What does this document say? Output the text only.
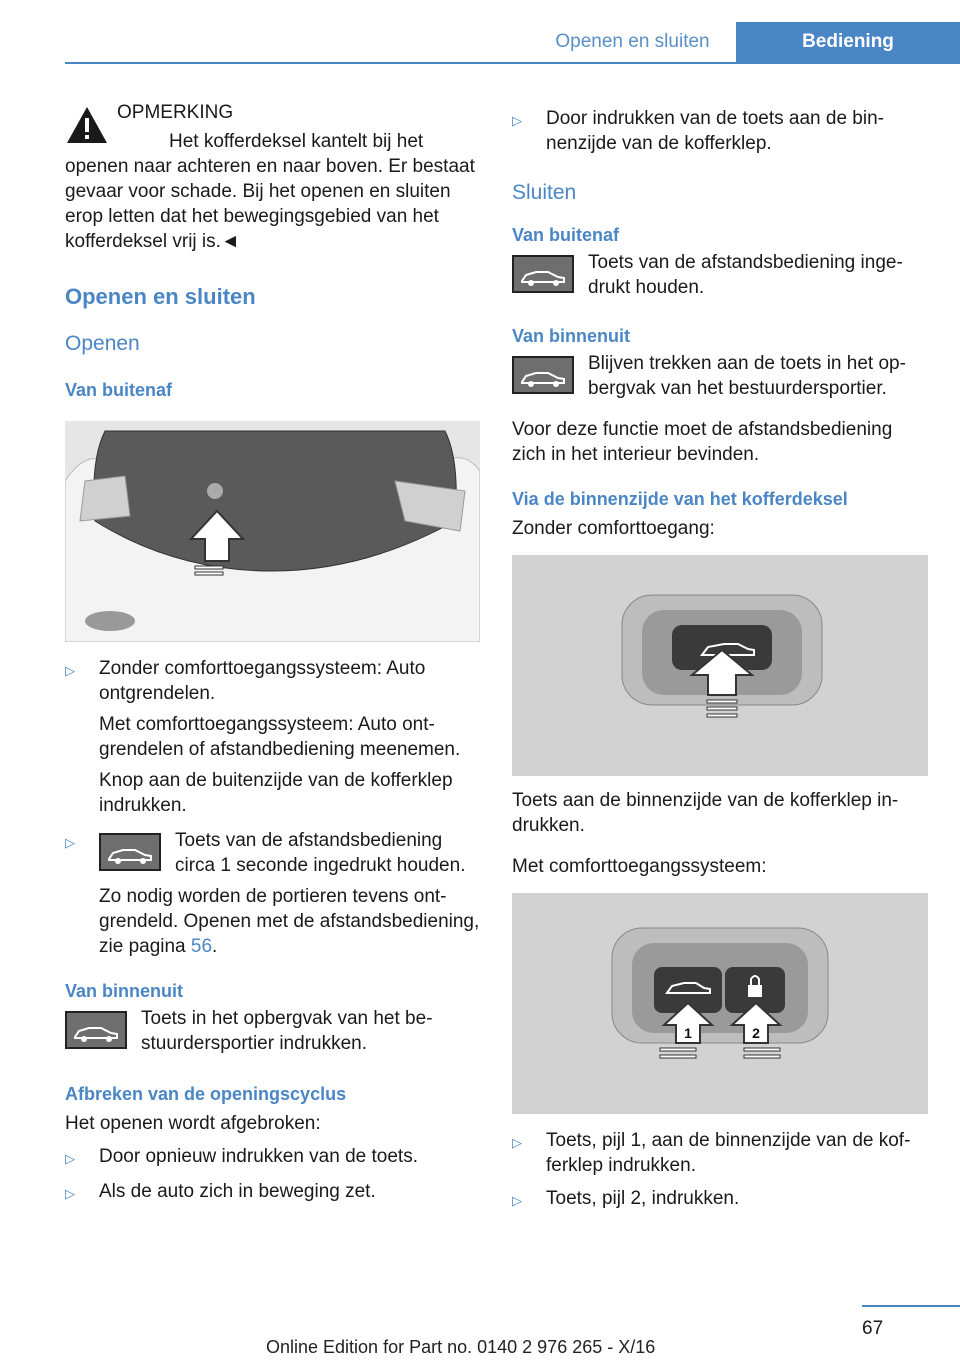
Openen en sluiten	Bediening

OPMERKING

Het kofferdeksel kantelt bij het openen naar achteren en naar boven. Er bestaat gevaar voor schade. Bij het openen en sluiten erop letten dat het bewegingsgebied van het kofferdeksel vrij is.◄

Openen en sluiten

Openen

Van buitenaf

▷	Zonder comforttoegangssysteem: Auto ontgrendelen.

Met comforttoegangssysteem: Auto ontgrendelen of afstandbediening meenemen.

Knop aan de buitenzijde van de kofferklep indrukken.

▷	Toets van de afstandsbediening circa 1 seconde ingedrukt houden.

Zo nodig worden de portieren tevens ontgrendeld. Openen met de afstandsbediening, zie pagina 56.

Van binnenuit

Toets in het opbergvak van het bestuurdersportier indrukken.

Afbreken van de openingscyclus

Het openen wordt afgebroken:

▷	Door opnieuw indrukken van de toets.

▷	Als de auto zich in beweging zet.

▷	Door indrukken van de toets aan de binnenzijde van de kofferklep.

Sluiten

Van buitenaf

Toets van de afstandsbediening ingedrukt houden.

Van binnenuit

Blijven trekken aan de toets in het opbergvak van het bestuurdersportier.

Voor deze functie moet de afstandsbediening zich in het interieur bevinden.

Via de binnenzijde van het kofferdeksel

Zonder comforttoegang:

Toets aan de binnenzijde van de kofferklep indrukken.

Met comforttoegangssysteem:

1	2
▷	Toets, pijl 1, aan de binnenzijde van de kofferklep indrukken.

▷	Toets, pijl 2, indrukken.

67
Online Edition for Part no. 0140 2 976 265 - X/16
